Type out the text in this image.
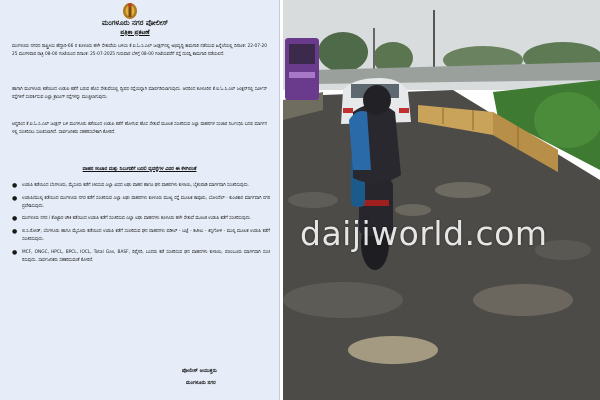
ಮಂಗಳೂರು ನಗರ ಪೋಲೀಸ್
ಪತ್ರಿಕಾ ಪ್ರಕಟಣೆ
ಮಂಗಳೂರು ನಗರದ ರಾಷ್ಟ್ರೀಯ ಹೆದ್ದಾರಿ-66 ರ ಕೂಳೂರು ಹಳೇ ಸೇತುವೆಯ ಬಳಿಯ ಕೆ.ಐ.ಓ.ಸಿ.ಎಲ್ ಜಂಕ್ಷನ್‌ನಲ್ಲಿ ಅಭಿವೃದ್ಧಿ ಕಾಮಗಾರಿ ನಡೆಯುವ ಹಿನ್ನೆಲೆಯಲ್ಲಿ ದಿನಾಂಕ: 22-07-2025 ಮಂಗಳವಾರ ರಾತ್ರಿ 08-00 ಗಂಟೆಯಿಂದ ದಿನಾಂಕ: 25-07-2025 ಗುರುವಾರ ಬೆಳಿಗ್ಗೆ 08-00 ಗಂಟೆಯವರೆಗೆ ರಸ್ತೆ ದುರಸ್ತಿ ಕಾಮಗಾರಿ ನಡೆಯಲಿದೆ.
ಹಾಗಾಗಿ ಮಂಗಳೂರು ಕಡೆಯಿಂದ ಉಡುಪಿ ಕಡೆಗೆ ಬರುವ ಹೊಸ ಸೇತುವೆಯಲ್ಲಿ ದ್ವಿಪಥ ರಸ್ತೆಯನ್ನಾಗಿ ಮಾರ್ಪಡಿಸಲಾಗುವುದು. ಆದರಿಂದ ಕೂಳೂರಿನ ಕೆ.ಐ.ಓ.ಸಿ.ಎಲ್ ಜಂಕ್ಷನ್‌ನಲ್ಲಿ ಸರ್ವೀಸ್ ರಸ್ತೆಗಳಿಗೆ ಸಂಪರ್ಕಿಸುವ ಎಲ್ಲಾ ಕ್ರಾಸಿಂಗ್ ರಸ್ತೆಗಳನ್ನು ಮುಚ್ಚಲಾಗುವುದು.
ಆದ್ದರಿಂದ ಕೆ.ಐ.ಓ.ಸಿ.ಎಲ್ ಜಂಕ್ಷನ್ ಬಳಿ ಮಂಗಳೂರು ಕಡೆಯಿಂದ ಉಡುಪಿ ಕಡೆಗೆ ಹೋಗುವ ಹೊಸ ಸೇತುವೆ ಮೂಲಕ ಸಂಚರಿಸುವ ಎಲ್ಲಾ ವಾಹನಗಳ ಸಂಚಾರ ನಿರ್ಬಂಧಿಸಿ ಬದಲಿ ಮಾರ್ಗಗಳಲ್ಲಿ ಸಂಚರಿಸಲು ಸೂಚಿಸಲಾಗಿದೆ. ಸಾರ್ವಜನಿಕರು ಸಹಕರಿಸಬೇಕಾಗಿ ಕೋರಿದೆ.
ವಾಹನ ಸಂಚಾರ ಮತ್ತು ನಿಲುಗಡೆಗೆ ಬದಲಿ ವ್ಯವಸ್ಥೆಗಳ ವಿವರ ಈ ಕೆಳಗಿನಂತೆ
● ಉಡುಪಿ ಕಡೆಯಿಂದ ಬೆಂಗಳೂರು, ಮೈಸೂರು ಕಡೆಗೆ ಚಲಿಸುವ ಎಲ್ಲಾ ವಿಧದ ಲಘು ವಾಹನ ಹಾಗೂ ಘನ ವಾಹನಗಳು ಕುಳಾಯಿ, ಬೈಕಂಪಾಡಿ ಮಾರ್ಗವಾಗಿ ಸಂಚರಿಸುವುದು.
● ಉಡುಪಿ/ಮುಲ್ಕಿ ಕಡೆಯಿಂದ ಮಂಗಳೂರು ನಗರ ಕಡೆಗೆ ಸಂಚರಿಸುವ ಎಲ್ಲಾ ಲಘು ವಾಹನಗಳು ಕೂಳೂರು ಮುಖ್ಯ ರಸ್ತೆ ಮೂಲಕ ಕಾವೂರು, ಬೋಂದೆಲ್ - ಕುಂಟಿಕಾನ ಮಾರ್ಗವಾಗಿ ನಗರ ಪ್ರವೇಶಿಸುವುದು.
● ಮಂಗಳೂರು ನಗರ / ಕೊಟ್ಟಾರ ಚೌಕಿ ಕಡೆಯಿಂದ ಉಡುಪಿ ಕಡೆಗೆ ಸಂಚರಿಸುವ ಎಲ್ಲಾ ಲಘು ವಾಹನಗಳು ಕೂಳೂರು ಹಳೇ ಸೇತುವೆ ಮೂಲಕ ಉಡುಪಿ ಕಡೆಗೆ ಸಂಚರಿಸುವುದು.
● ಬಿ.ಸಿ.ರೋಡ್, ಬೆಂಗಳೂರು ಹಾಗೂ ಮೈಸೂರು ಕಡೆಯಿಂದ ಉಡುಪಿ ಕಡೆಗೆ ಸಂಚರಿಸುವ ಘನ ವಾಹನಗಳು ಪಡೀಲ್ - ಬಜ್ಪೆ - ಕಟೀಲು - ಕಿನ್ನಿಗೋಳಿ - ಮುಲ್ಕಿ ಮೂಲಕ ಉಡುಪಿ ಕಡೆಗೆ ಸಂಚರಿಸುವುದು.
● MCF, ONGC, HPCL, BPCL, IOCL, Total Gas, BASF, ರಿಫೈನರಿ, ಬಂದರು ಕಡೆ ಸಂಚರಿಸುವ ಘನ ವಾಹನಗಳು ಕುಳಾಯಿ, ಪಣಂಬೂರು ಮಾರ್ಗವಾಗಿ ಸಂಚರಿಸುವುದು. ಸಾರ್ವಜನಿಕರು ಸಹಕರಿಸುವಂತೆ ಕೋರಿದೆ.
ಪೋಲೀಸ್ ಆಯುಕ್ತರು
ಮಂಗಳೂರು ನಗರ
daijiworld.com
